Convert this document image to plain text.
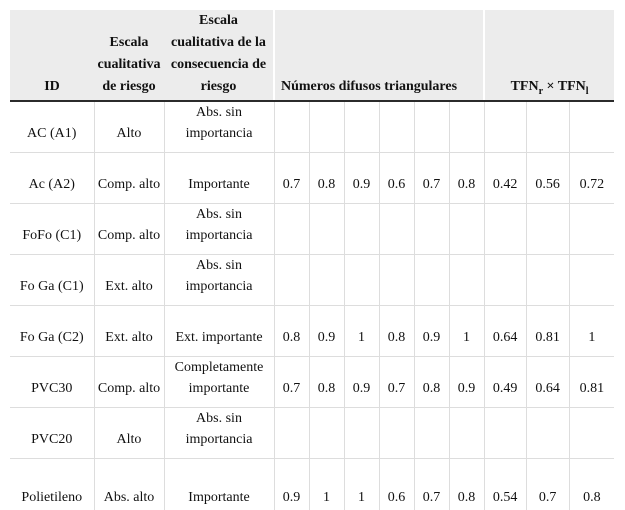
ID	Escala cualitativa de riesgo	Escala cualitativa de la consecuencia de riesgo	Números difusos triangulares						$TFN_r \times TFN_l$
AC (A1)	Alto	Abs. sin importancia									
Ac (A2)	Comp. alto	Importante	0.7	0.8	0.9	0.6	0.7	0.8	0.42	0.56	0.72
FoFo (C1)	Comp. alto	Abs. sin importancia									
Fo Ga (C1)	Ext. alto	Abs. sin importancia									
Fo Ga (C2)	Ext. alto	Ext. importante	0.8	0.9	1	0.8	0.9	1	0.64	0.81	1
PVC30	Comp. alto	Completamente importante	0.7	0.8	0.9	0.7	0.8	0.9	0.49	0.64	0.81
PVC20	Alto	Abs. sin importancia									
Polietileno	Abs. alto	Importante	0.9	1	1	0.6	0.7	0.8	0.54	0.7	0.8
